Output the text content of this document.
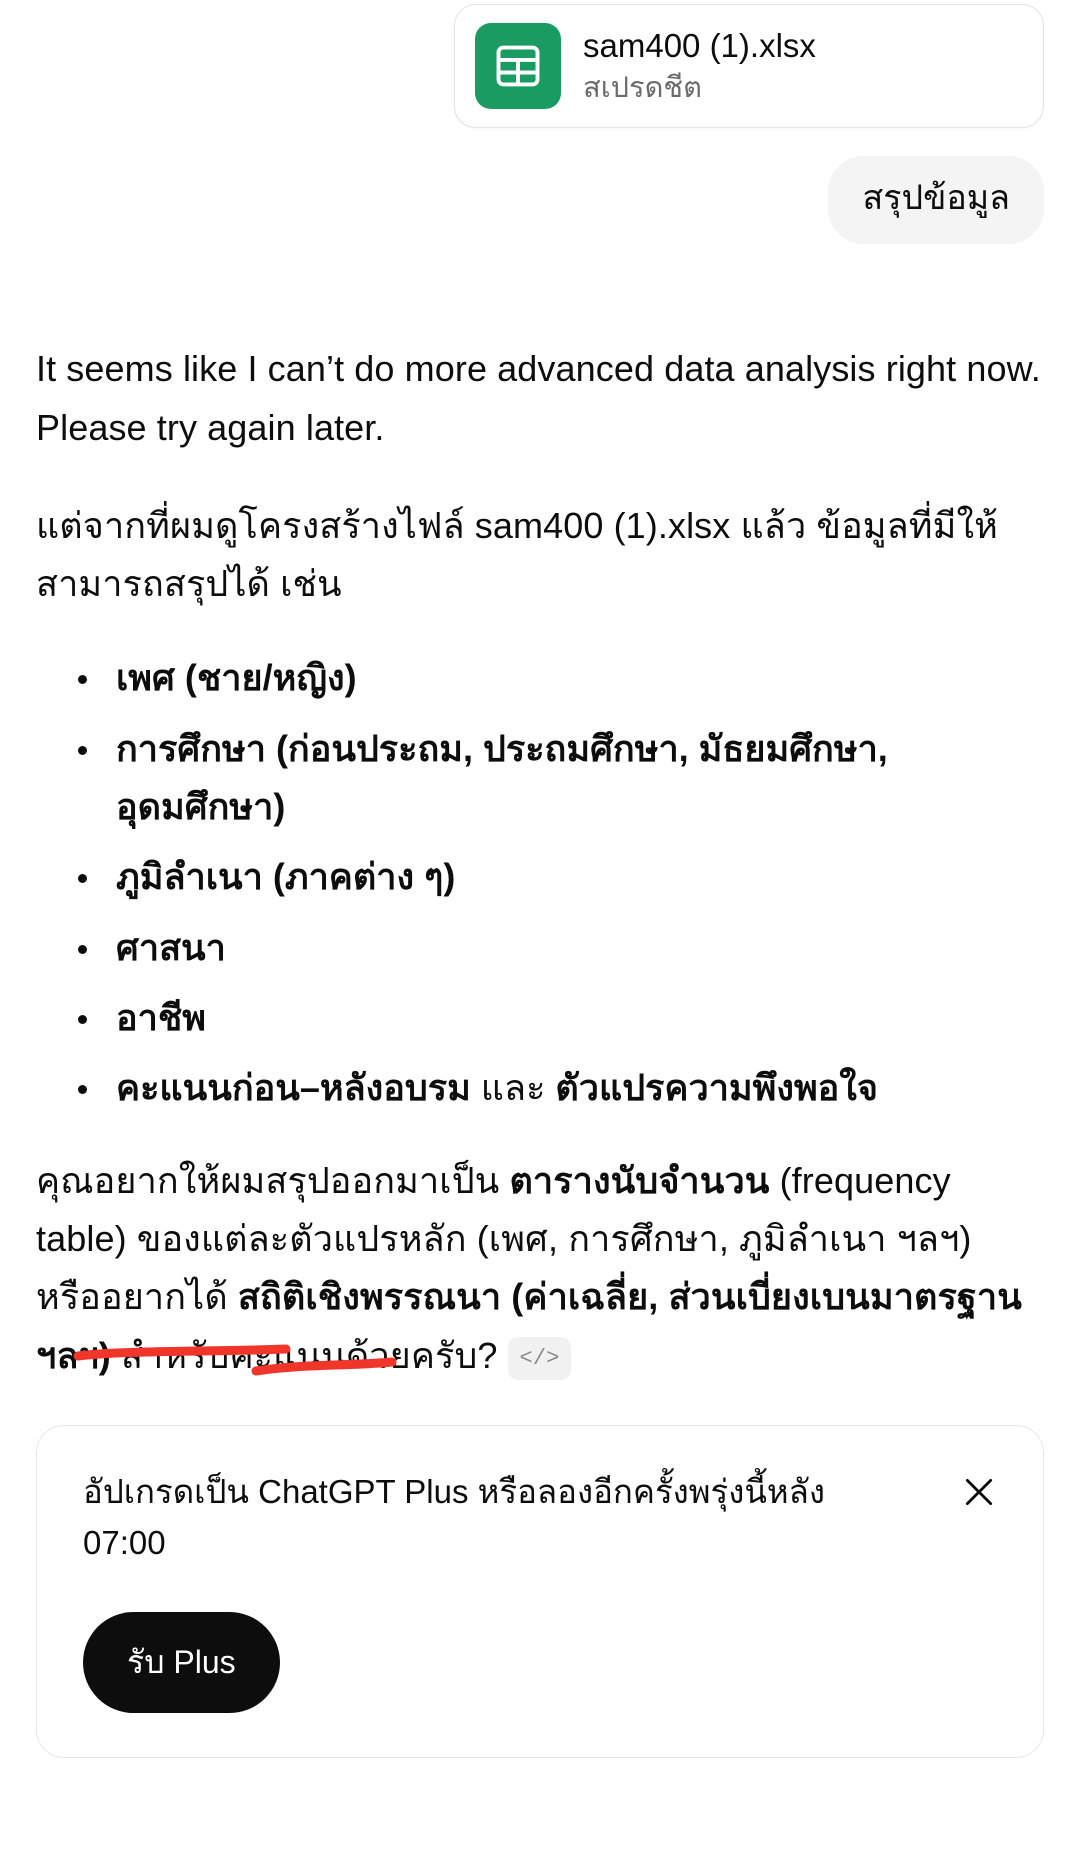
sam400 (1).xlsx
สเปรดชีต
สรุปข้อมูล

It seems like I can’t do more advanced data analysis right now. Please try again later.

แต่จากที่ผมดูโครงสร้างไฟล์ sam400 (1).xlsx แล้ว ข้อมูลที่มีให้สามารถสรุปได้ เช่น

เพศ (ชาย/หญิง)
การศึกษา (ก่อนประถม, ประถมศึกษา, มัธยมศึกษา, อุดมศึกษา)
ภูมิลำเนา (ภาคต่าง ๆ)
ศาสนา
อาชีพ
คะแนนก่อน–หลังอบรม และ ตัวแปรความพึงพอใจ

คุณอยากให้ผมสรุปออกมาเป็น ตารางนับจำนวน (frequency table) ของแต่ละตัวแปรหลัก (เพศ, การศึกษา, ภูมิลำเนา ฯลฯ) หรืออยากได้ สถิติเชิงพรรณนา (ค่าเฉลี่ย, ส่วนเบี่ยงเบนมาตรฐาน ฯลฯ) สำหรับคะแนนด้วยครับ? </>

อัปเกรดเป็น ChatGPT Plus หรือลองอีกครั้งพรุ่งนี้หลัง 07:00
รับ Plus
